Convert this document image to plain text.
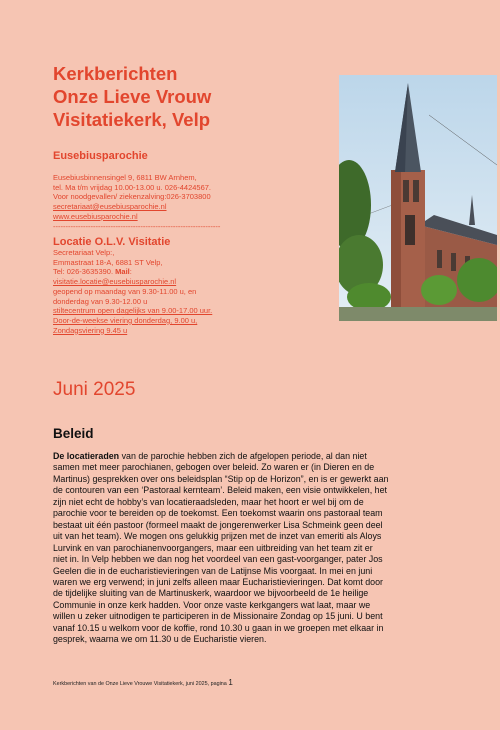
Kerkberichten
Onze Lieve Vrouw
Visitatiekerk, Velp
Eusebiusparochie
Eusebiusbinnensingel 9, 6811 BW Arnhem,
tel. Ma t/m vrijdag 10.00-13.00 u. 026-4424567.
Voor noodgevallen/ ziekenzalving:026-3703800
secretariaat@eusebiusparochie.nl
www.eusebiusparochie.nl
-------------------------------------------------------------------
Locatie O.L.V. Visitatie
Secretariaat Velp:,
Emmastraat 18-A, 6881 ST Velp,
Tel: 026-3635390. Mail:
visitatie.locatie@eusebiusparochie.nl
geopend op maandag van 9.30-11.00 u, en
donderdag van 9.30-12.00 u
stiltecentrum open dagelijks van 9.00-17.00 uur.
Door-de-weekse viering donderdag, 9.00 u,
Zondagsviering 9.45 u
Juni 2025
Beleid
De locatieraden van de parochie hebben zich de afgelopen periode, al dan niet
samen met meer parochianen, gebogen over beleid. Zo waren er (in Dieren en de
Martinus) gesprekken over ons beleidsplan “Stip op de Horizon”, en is er gewerkt aan
de contouren van een ‘Pastoraal kernteam’. Beleid maken, een visie ontwikkelen, het
zijn niet echt de hobby’s van locatieraadsleden, maar het hoort er wel bij om de
parochie voor te bereiden op de toekomst. Een toekomst waarin ons pastoraal team
bestaat uit één pastoor (formeel maakt de jongerenwerker Lisa Schmeink geen deel
uit van het team). We mogen ons gelukkig prijzen met de inzet van emeriti als Aloys
Lurvink en van parochianenvoorgangers, maar een uitbreiding van het team zit er
niet in. In Velp hebben we dan nog het voordeel van een gast-voorganger, pater Jos
Geelen die in de eucharistievieringen van de Latijnse Mis voorgaat. In mei en juni
waren we erg verwend; in juni zelfs alleen maar Eucharistievieringen. Dat komt door
de tijdelijke sluiting van de Martinuskerk, waardoor we bijvoorbeeld de 1e heilige
Communie in onze kerk hadden. Voor onze vaste kerkgangers wat laat, maar we
willen u zeker uitnodigen te participeren in de Missionaire Zondag op 15 juni. U bent
vanaf 10.15 u welkom voor de koffie, rond 10.30 u gaan in we groepen met elkaar in
gesprek, waarna we om 11.30 u de Eucharistie vieren.
Kerkberichten van de Onze Lieve Vrouwe Visitatiekerk, juni 2025, pagina 1
